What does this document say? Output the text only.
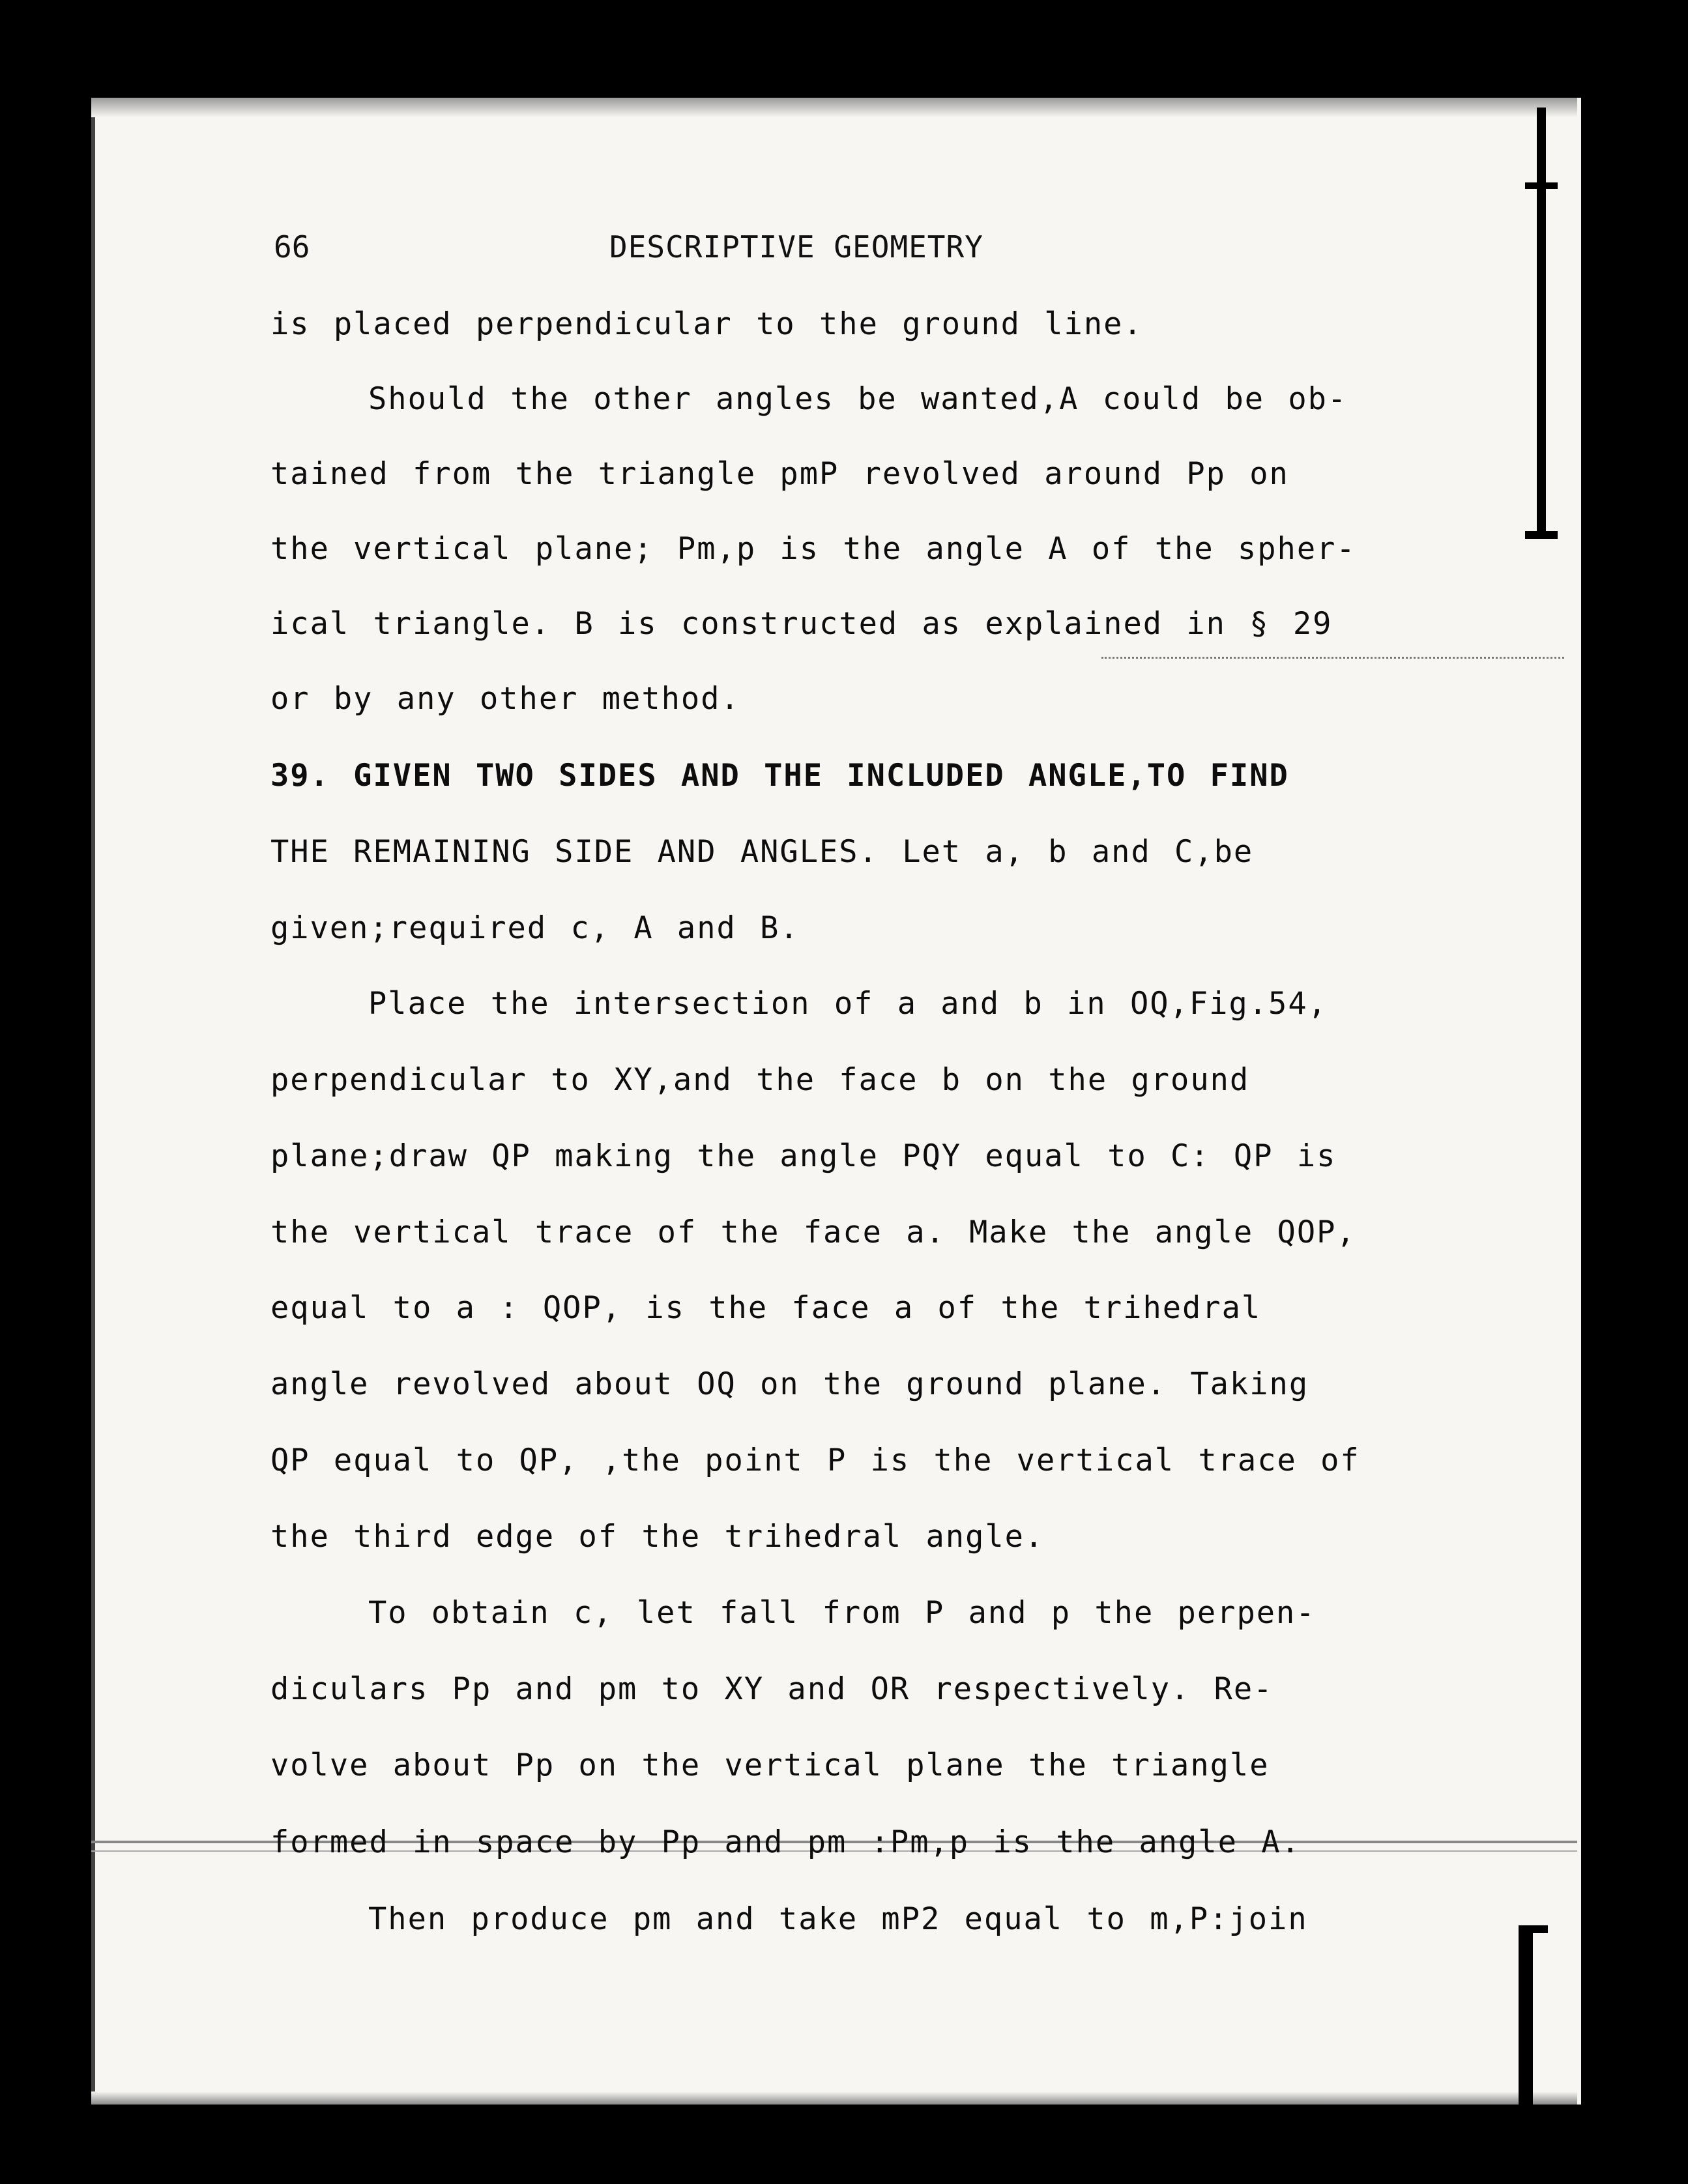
66	DESCRIPTIVE GEOMETRY
is placed perpendicular to the ground line.
Should the other angles be wanted,A could be ob-
tained from the triangle pmP revolved around Pp on
the vertical plane; Pm,p is the angle A of the spher-
ical triangle. B is constructed as explained in § 29
or by any other method.
39. GIVEN TWO SIDES AND THE INCLUDED ANGLE,TO FIND
THE REMAINING SIDE AND ANGLES. Let a, b and C,be
given;required c, A and B.
Place the intersection of a and b in OQ,Fig.54,
perpendicular to XY,and the face b on the ground
plane;draw QP making the angle PQY equal to C: QP is
the vertical trace of the face a. Make the angle QOP,
equal to a : QOP, is the face a of the trihedral
angle revolved about OQ on the ground plane. Taking
QP equal to QP, ,the point P is the vertical trace of
the third edge of the trihedral angle.
To obtain c, let fall from P and p the perpen-
diculars Pp and pm to XY and OR respectively. Re-
volve about Pp on the vertical plane the triangle
formed in space by Pp and pm :Pm,p is the angle A.
Then produce pm and take mP2 equal to m,P:join
